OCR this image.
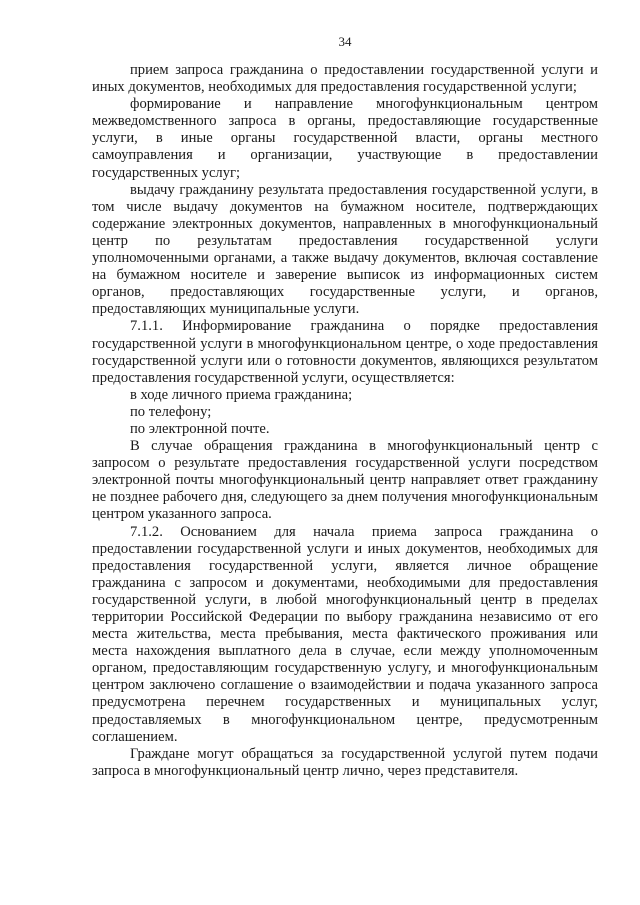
34

прием запроса гражданина о предоставлении государственной услуги и иных документов, необходимых для предоставления государственной услуги;

формирование и направление многофункциональным центром межведомственного запроса в органы, предоставляющие государственные услуги, в иные органы государственной власти, органы местного самоуправления и организации, участвующие в предоставлении государственных услуг;

выдачу гражданину результата предоставления государственной услуги, в том числе выдачу документов на бумажном носителе, подтверждающих содержание электронных документов, направленных в многофункциональный центр по результатам предоставления государственной услуги уполномоченными органами, а также выдачу документов, включая составление на бумажном носителе и заверение выписок из информационных систем органов, предоставляющих государственные услуги, и органов, предоставляющих муниципальные услуги.

7.1.1. Информирование гражданина о порядке предоставления государственной услуги в многофункциональном центре, о ходе предоставления государственной услуги или о готовности документов, являющихся результатом предоставления государственной услуги, осуществляется:

в ходе личного приема гражданина;

по телефону;

по электронной почте.

В случае обращения гражданина в многофункциональный центр с запросом о результате предоставления государственной услуги посредством электронной почты многофункциональный центр направляет ответ гражданину не позднее рабочего дня, следующего за днем получения многофункциональным центром указанного запроса.

7.1.2. Основанием для начала приема запроса гражданина о предоставлении государственной услуги и иных документов, необходимых для предоставления государственной услуги, является личное обращение гражданина с запросом и документами, необходимыми для предоставления государственной услуги, в любой многофункциональный центр в пределах территории Российской Федерации по выбору гражданина независимо от его места жительства, места пребывания, места фактического проживания или места нахождения выплатного дела в случае, если между уполномоченным органом, предоставляющим государственную услугу, и многофункциональным центром заключено соглашение о взаимодействии и подача указанного запроса предусмотрена перечнем государственных и муниципальных услуг, предоставляемых в многофункциональном центре, предусмотренным соглашением.

Граждане могут обращаться за государственной услугой путем подачи запроса в многофункциональный центр лично, через представителя.
